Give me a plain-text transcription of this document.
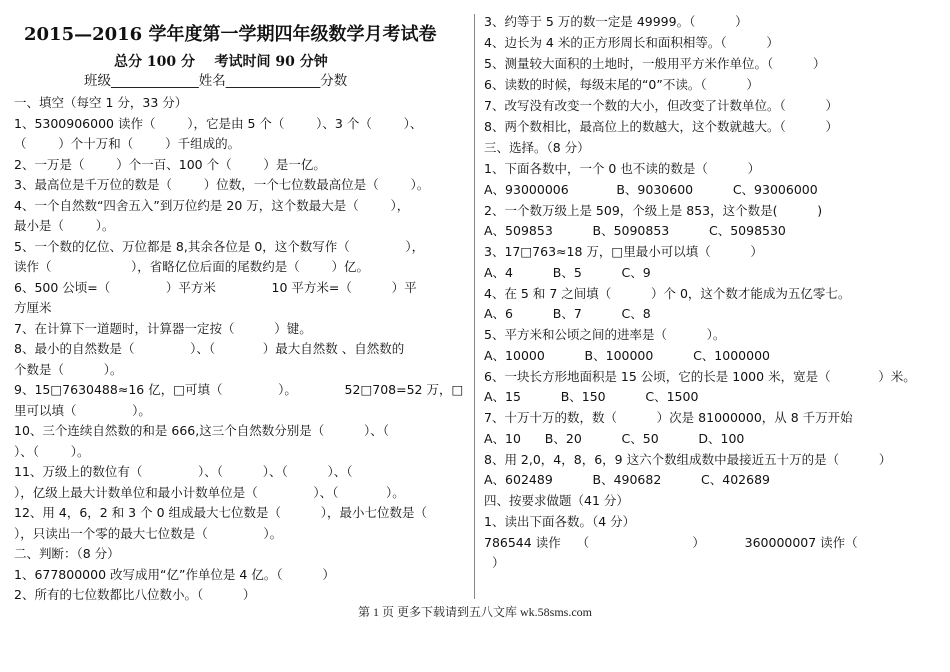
2015—2016 学年度第一学期四年级数学月考试卷
总分 100 分    考试时间 90 分钟
班级_____________姓名______________分数
一、填空（每空 1 分，33 分）
1、5300906000 读作（        ），它是由 5 个（        ）、3 个（        ）、
（        ）个十万和（        ）千组成的。
2、一万是（        ）个一百、100 个（        ）是一亿。
3、最高位是千万位的数是（        ）位数，一个七位数最高位是（        ）。
4、一个自然数“四舍五入”到万位约是 20 万，这个数最大是（        ），
最小是（        ）。
5、一个数的亿位、万位都是 8,其余各位是 0，这个数写作（              ），
读作（                    ），省略亿位后面的尾数约是（        ）亿。
6、500 公顷=（              ）平方米              10 平方米=（          ）平
方厘米
7、在计算下一道题时，计算器一定按（          ）键。
8、最小的自然数是（              ）、（            ）最大自然数 、自然数的
个数是（          ）。
9、15□7630488≈16 亿，□可填（              ）。            52□708=52 万，□
里可以填（              ）。
10、三个连续自然数的和是 666,这三个自然数分别是（          ）、（
）、（        ）。
11、万级上的数位有（              ）、（          ）、（          ）、（
），亿级上最大计数单位和最小计数单位是（              ）、（            ）。
12、用 4，6，2 和 3 个 0 组成最大七位数是（          ），最小七位数是（
），只读出一个零的最大七位数是（              ）。
二、判断：（8 分）
1、677800000 改写成用“亿”作单位是 4 亿。（          ）
2、所有的七位数都比八位数小。（          ）
3、约等于 5 万的数一定是 49999。（          ）
4、边长为 4 米的正方形周长和面积相等。（          ）
5、测量较大面积的土地时，一般用平方米作单位。（          ）
6、读数的时候，每级末尾的“0”不读。（          ）
7、改写没有改变一个数的大小，但改变了计数单位。（          ）
8、两个数相比，最高位上的数越大，这个数就越大。（          ）
三、选择。（8 分）
1、下面各数中，一个 0 也不读的数是（          ）
A、93000006            B、9030600          C、93006000
2、一个数万级上是 509，个级上是 853，这个数是(          )
A、509853          B、5090853          C、5098530
3、17□763≈18 万，□里最小可以填（          ）
A、4          B、5          C、9
4、在 5 和 7 之间填（          ）个 0，这个数才能成为五亿零七。
A、6          B、7          C、8
5、平方米和公顷之间的进率是（          ）。
A、10000          B、100000          C、1000000
6、一块长方形地面积是 15 公顷，它的长是 1000 米，宽是（            ）米。
A、15          B、150          C、1500
7、十万十万的数，数（          ）次是 81000000，从 8 千万开始
A、10      B、20          C、50          D、100
8、用 2,0，4，8，6，9 这六个数组成数中最接近五十万的是（          ）
A、602489          B、490682          C、402689
四、按要求做题（41 分）
1、读出下面各数。（4 分）
786544 读作    （                          ）          360000007 读作（
）
第 1 页 更多下载请到五八文库 wk.58sms.com
